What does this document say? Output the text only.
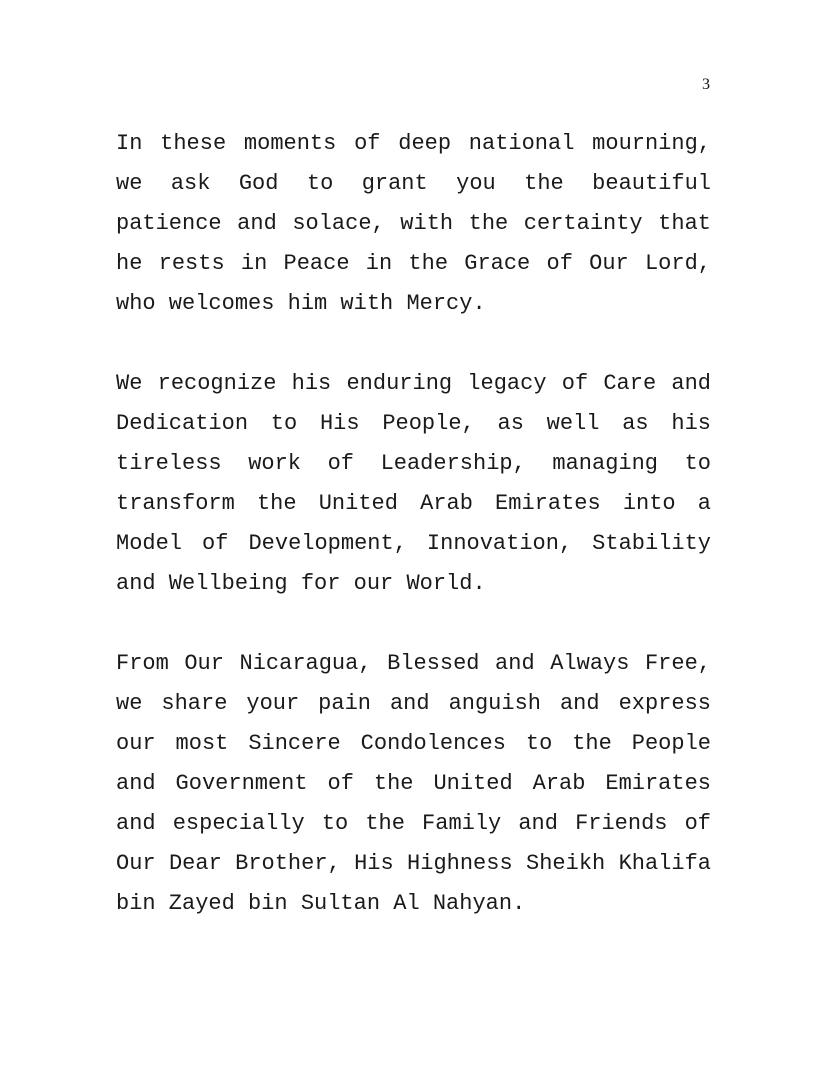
3

In these moments of deep national mourning, we ask God to grant you the beautiful patience and solace, with the certainty that he rests in Peace in the Grace of Our Lord, who welcomes him with Mercy.

We recognize his enduring legacy of Care and Dedication to His People, as well as his tireless work of Leadership, managing to transform the United Arab Emirates into a Model of Development, Innovation, Stability and Wellbeing for our World.

From Our Nicaragua, Blessed and Always Free, we share your pain and anguish and express our most Sincere Condolences to the People and Government of the United Arab Emirates and especially to the Family and Friends of Our Dear Brother, His Highness Sheikh Khalifa bin Zayed bin Sultan Al Nahyan.
